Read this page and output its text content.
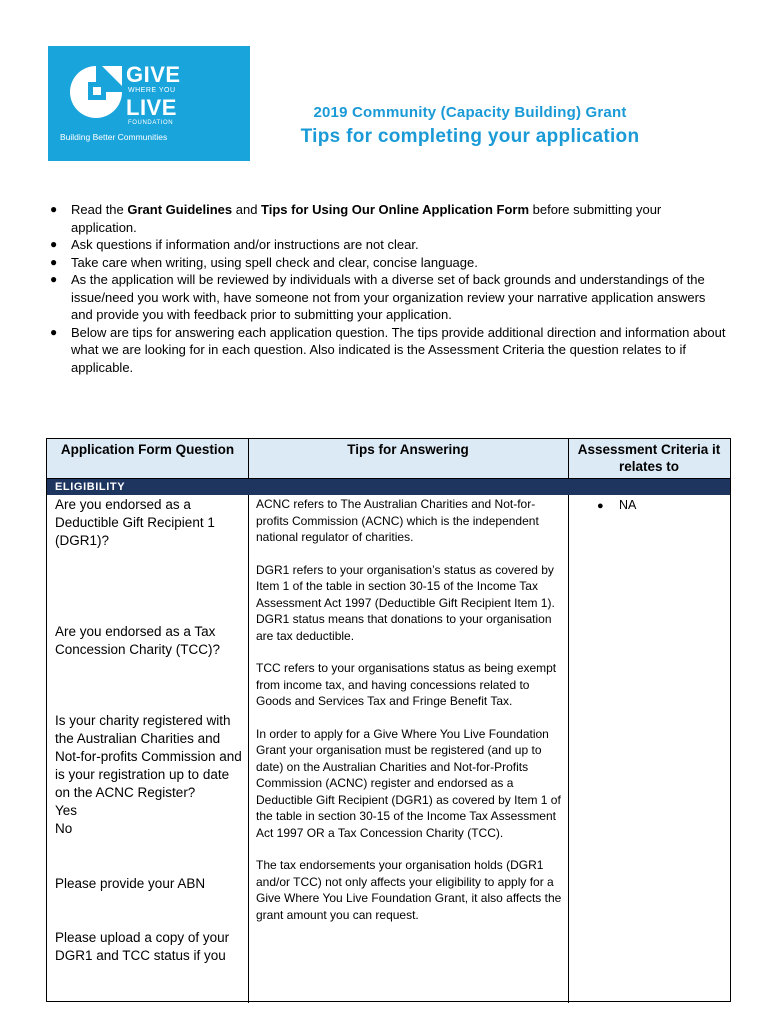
GIVE
WHERE YOU
LIVE
FOUNDATION
Building Better Communities
2019 Community (Capacity Building) Grant
Tips for completing your application
● Read the Grant Guidelines and Tips for Using Our Online Application Form before submitting your application.
● Ask questions if information and/or instructions are not clear.
● Take care when writing, using spell check and clear, concise language.
● As the application will be reviewed by individuals with a diverse set of back grounds and understandings of the issue/need you work with, have someone not from your organization review your narrative application answers and provide you with feedback prior to submitting your application.
● Below are tips for answering each application question. The tips provide additional direction and information about what we are looking for in each question. Also indicated is the Assessment Criteria the question relates to if applicable.
Application Form Question	Tips for Answering	Assessment Criteria it relates to
ELIGIBILITY
Are you endorsed as a Deductible Gift Recipient 1 (DGR1)?
Are you endorsed as a Tax Concession Charity (TCC)?
Is your charity registered with the Australian Charities and Not-for-profits Commission and is your registration up to date on the ACNC Register?
Yes
No
Please provide your ABN
Please upload a copy of your DGR1 and TCC status if you

ACNC refers to The Australian Charities and Not-for-profits Commission (ACNC) which is the independent national regulator of charities.

DGR1 refers to your organisation’s status as covered by Item 1 of the table in section 30-15 of the Income Tax Assessment Act 1997 (Deductible Gift Recipient Item 1). DGR1 status means that donations to your organisation are tax deductible.

TCC refers to your organisations status as being exempt from income tax, and having concessions related to Goods and Services Tax and Fringe Benefit Tax.

In order to apply for a Give Where You Live Foundation Grant your organisation must be registered (and up to date) on the Australian Charities and Not-for-Profits Commission (ACNC) register and endorsed as a Deductible Gift Recipient (DGR1) as covered by Item 1 of the table in section 30-15 of the Income Tax Assessment Act 1997 OR a Tax Concession Charity (TCC).

The tax endorsements your organisation holds (DGR1 and/or TCC) not only affects your eligibility to apply for a Give Where You Live Foundation Grant, it also affects the grant amount you can request.

● NA
